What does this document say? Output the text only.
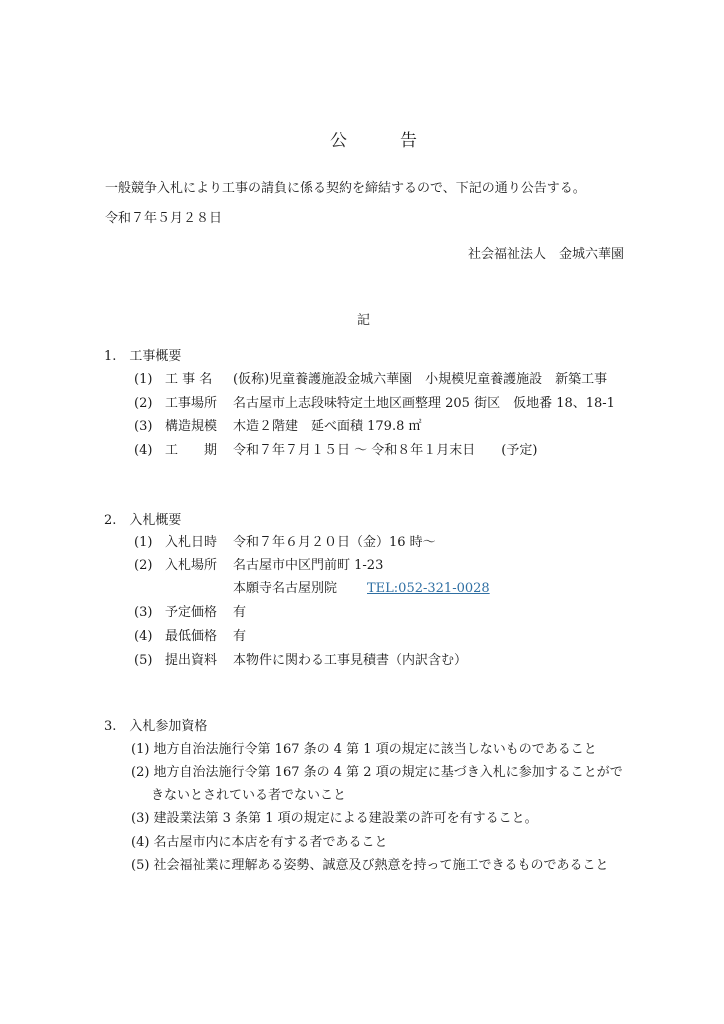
公　告
一般競争入札により工事の請負に係る契約を締結するので、下記の通り公告する。
令和７年５月２８日
社会福祉法人　金城六華園
記
1.　工事概要
(1) 工 事 名 (仮称)児童養護施設金城六華園　小規模児童養護施設　新築工事
(2) 工事場所 名古屋市上志段味特定土地区画整理 205 街区　仮地番 18、18-1
(3) 構造規模 木造２階建　延べ面積 179.8 ㎡
(4) 工　　期 令和７年７月１５日 ～ 令和８年１月末日　　(予定)
2.　入札概要
(1) 入札日時 令和７年６月２０日（金）16 時～
(2) 入札場所 名古屋市中区門前町 1-23
本願寺名古屋別院 TEL:052-321-0028
(3) 予定価格 有
(4) 最低価格 有
(5) 提出資料 本物件に関わる工事見積書（内訳含む）
3.　入札参加資格
(1) 地方自治法施行令第 167 条の 4 第 1 項の規定に該当しないものであること
(2) 地方自治法施行令第 167 条の 4 第 2 項の規定に基づき入札に参加することがで
きないとされている者でないこと
(3) 建設業法第 3 条第 1 項の規定による建設業の許可を有すること。
(4) 名古屋市内に本店を有する者であること
(5) 社会福祉業に理解ある姿勢、誠意及び熱意を持って施工できるものであること
